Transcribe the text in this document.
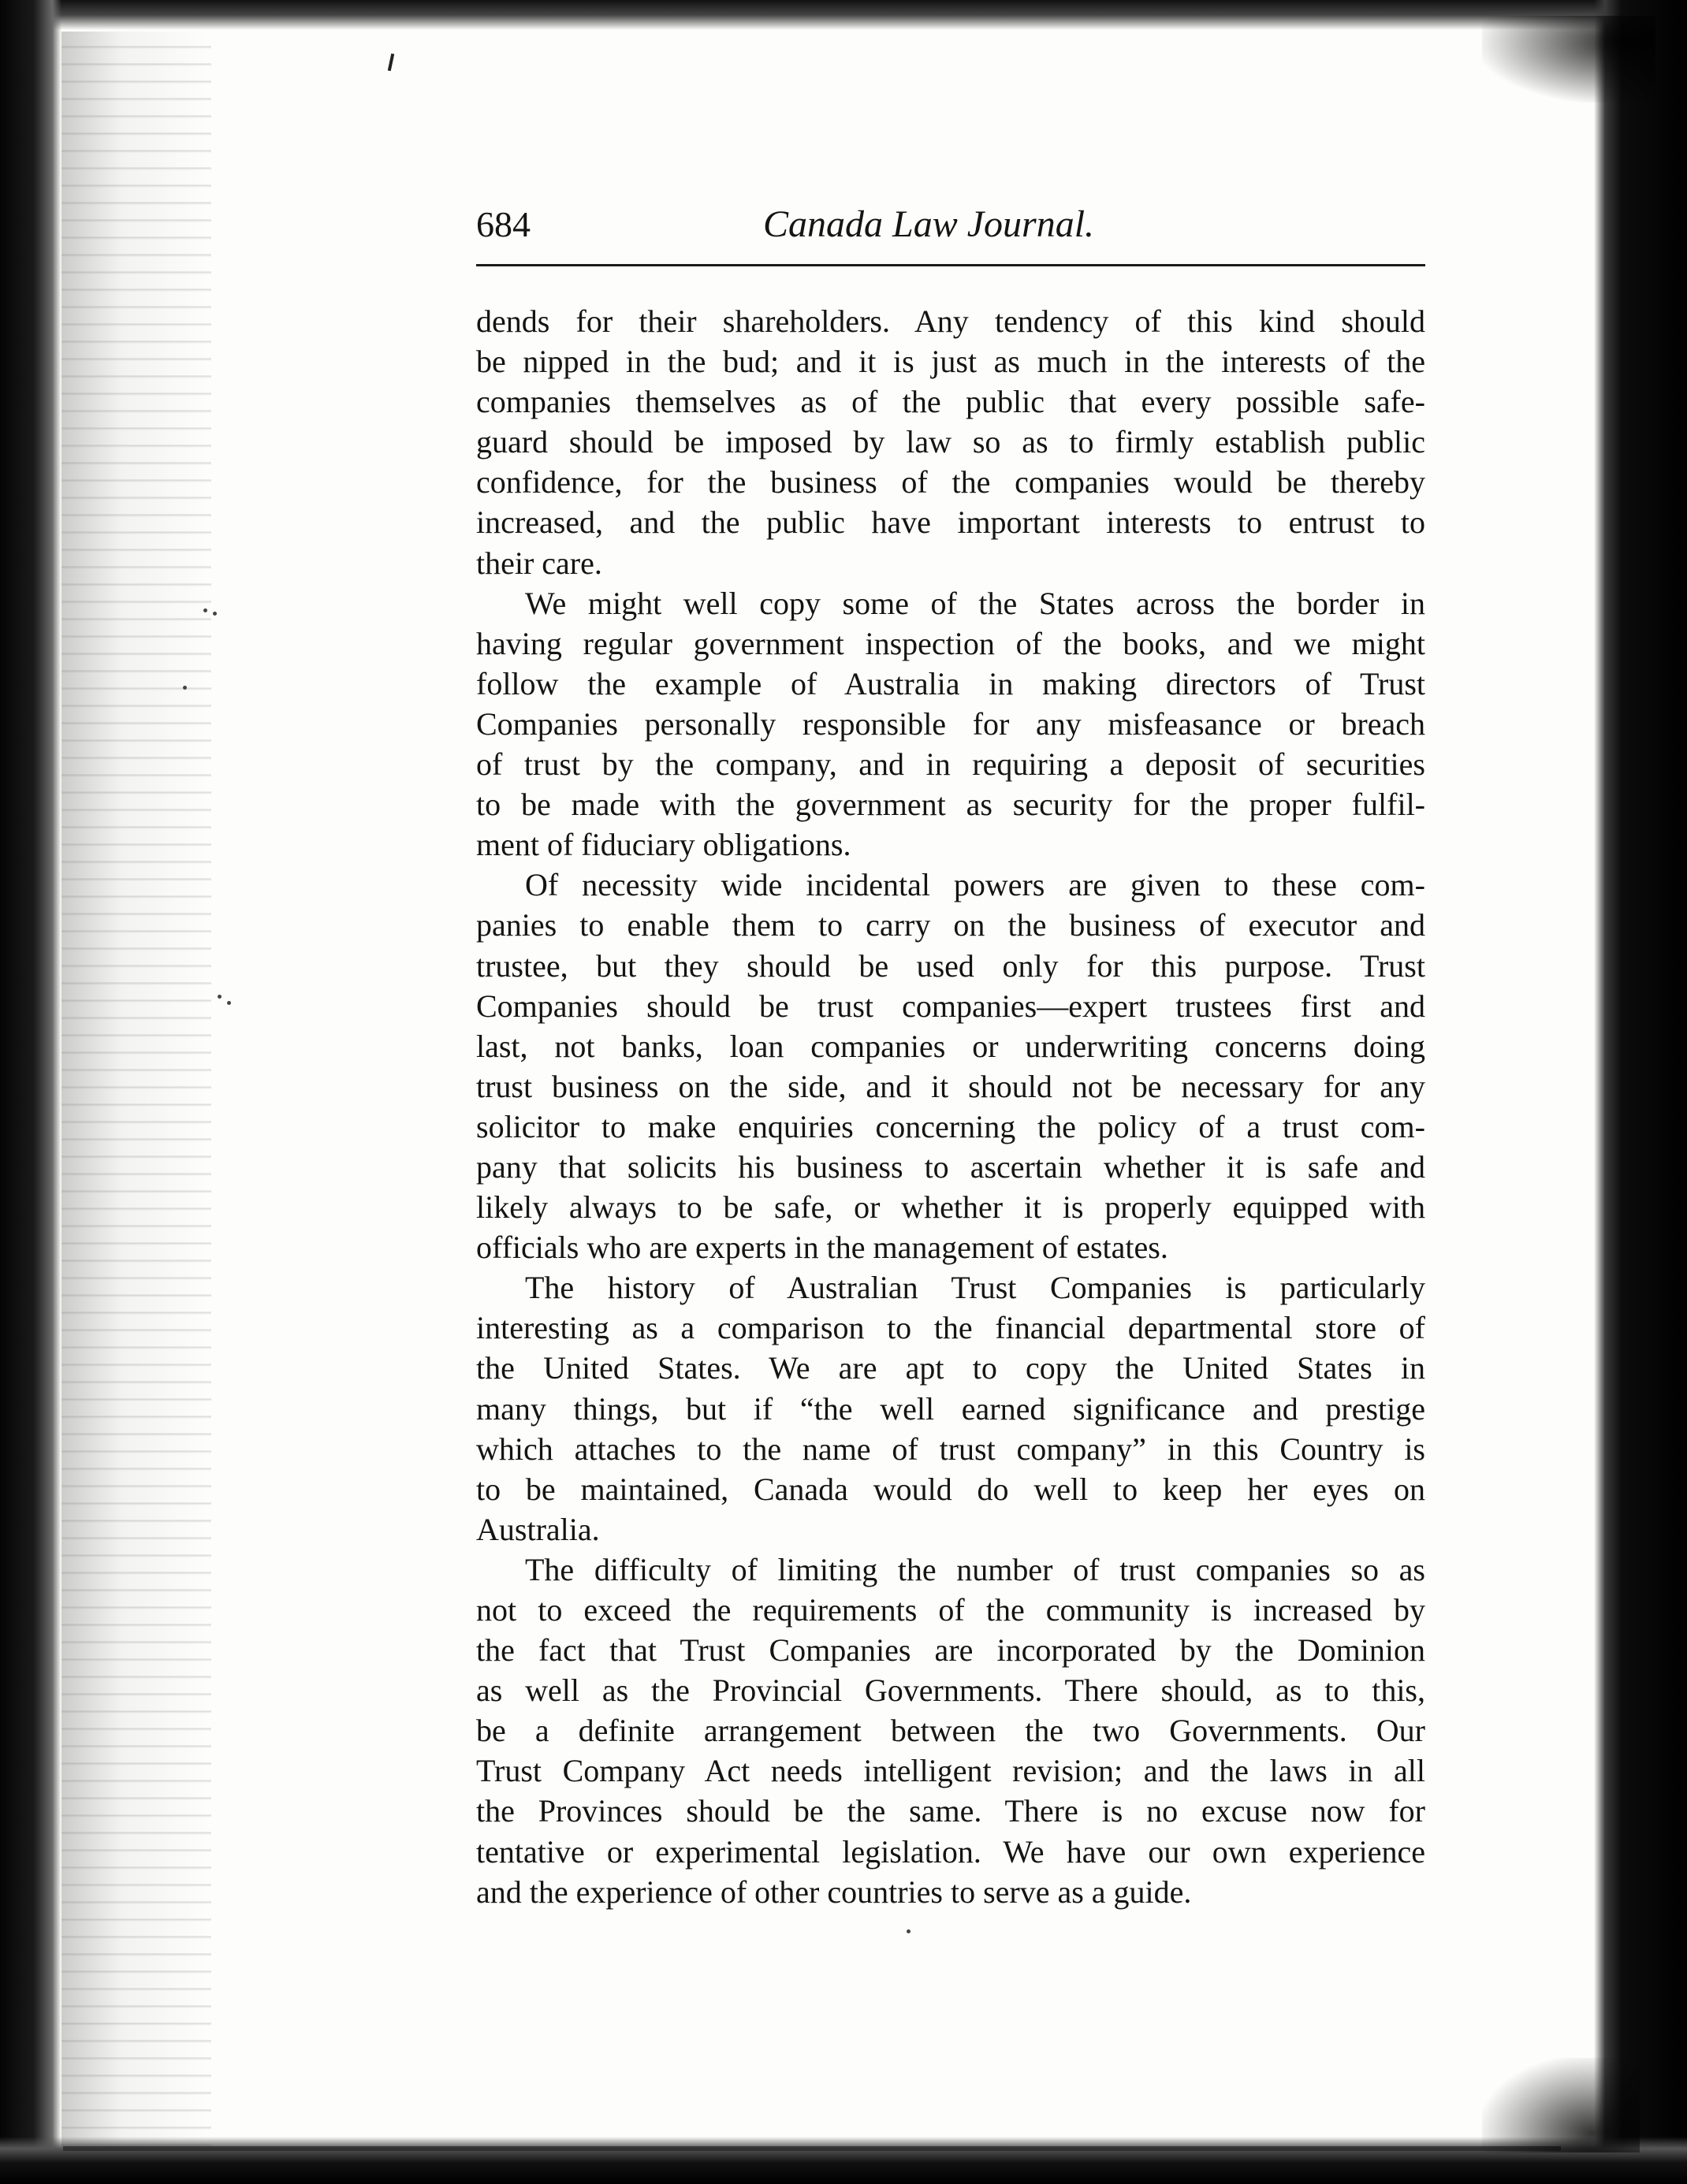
684	Canada Law Journal.
dends for their shareholders. Any tendency of this kind should
be nipped in the bud; and it is just as much in the interests of the
companies themselves as of the public that every possible safe-
guard should be imposed by law so as to firmly establish public
confidence, for the business of the companies would be thereby
increased, and the public have important interests to entrust to
their care.
We might well copy some of the States across the border in
having regular government inspection of the books, and we might
follow the example of Australia in making directors of Trust
Companies personally responsible for any misfeasance or breach
of trust by the company, and in requiring a deposit of securities
to be made with the government as security for the proper fulfil-
ment of fiduciary obligations.
Of necessity wide incidental powers are given to these com-
panies to enable them to carry on the business of executor and
trustee, but they should be used only for this purpose. Trust
Companies should be trust companies—expert trustees first and
last, not banks, loan companies or underwriting concerns doing
trust business on the side, and it should not be necessary for any
solicitor to make enquiries concerning the policy of a trust com-
pany that solicits his business to ascertain whether it is safe and
likely always to be safe, or whether it is properly equipped with
officials who are experts in the management of estates.
The history of Australian Trust Companies is particularly
interesting as a comparison to the financial departmental store of
the United States. We are apt to copy the United States in
many things, but if “the well earned significance and prestige
which attaches to the name of trust company” in this Country is
to be maintained, Canada would do well to keep her eyes on
Australia.
The difficulty of limiting the number of trust companies so as
not to exceed the requirements of the community is increased by
the fact that Trust Companies are incorporated by the Dominion
as well as the Provincial Governments. There should, as to this,
be a definite arrangement between the two Governments. Our
Trust Company Act needs intelligent revision; and the laws in all
the Provinces should be the same. There is no excuse now for
tentative or experimental legislation. We have our own experience
and the experience of other countries to serve as a guide.
